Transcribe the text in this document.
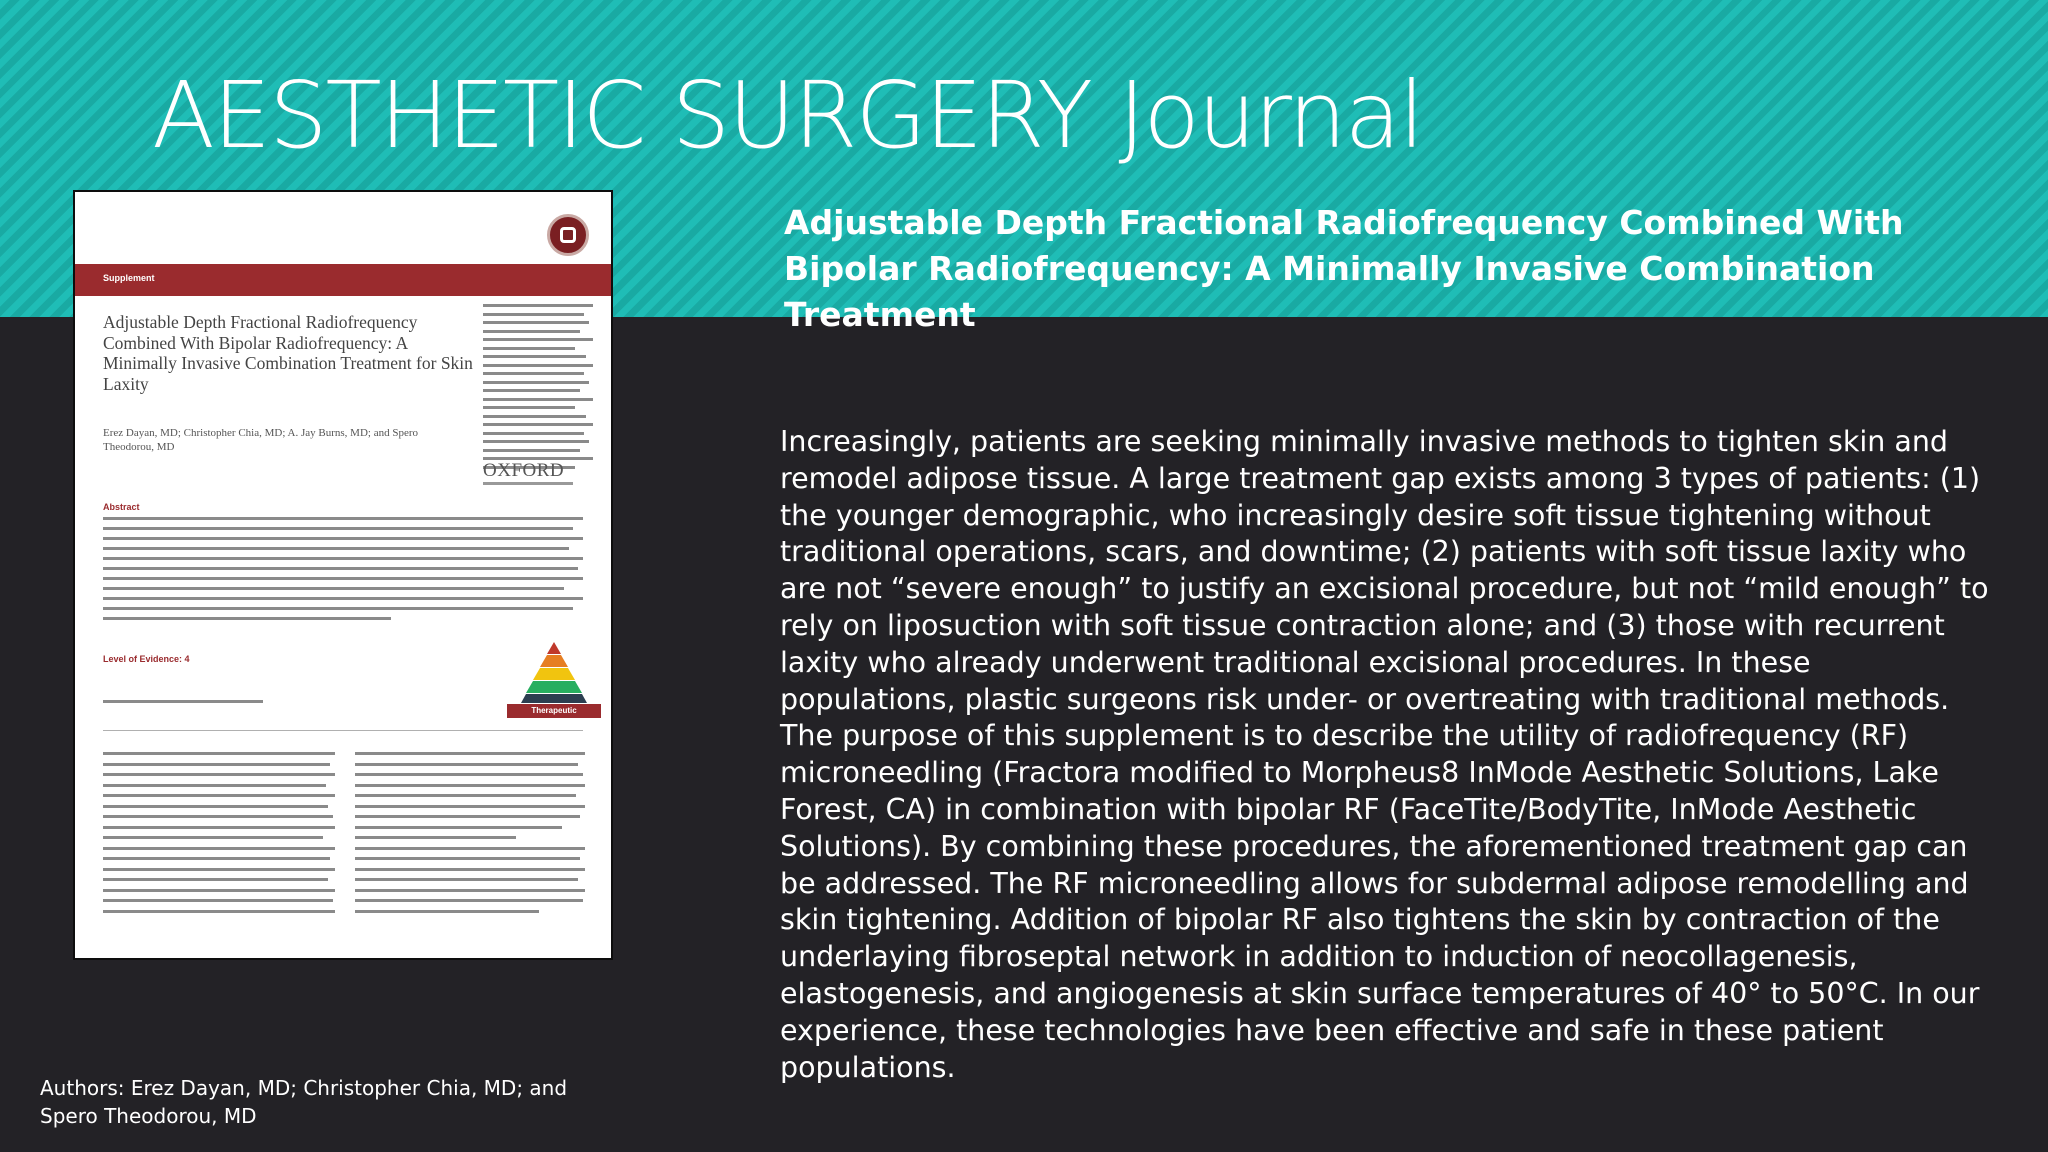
AESTHETIC SURGERY Journal
Adjustable Depth Fractional Radiofrequency Combined With Bipolar Radiofrequency: A Minimally Invasive Combination Treatment
Supplement
Adjustable Depth Fractional Radiofrequency Combined With Bipolar Radiofrequency: A Minimally Invasive Combination Treatment for Skin Laxity
Erez Dayan, MD; Christopher Chia, MD; A. Jay Burns, MD; and Spero Theodorou, MD
OXFORD
Abstract
Level of Evidence: 4
Therapeutic
Increasingly, patients are seeking minimally invasive methods to tighten skin and remodel adipose tissue. A large treatment gap exists among 3 types of patients: (1) the younger demographic, who increasingly desire soft tissue tightening without traditional operations, scars, and downtime; (2) patients with soft tissue laxity who are not “severe enough” to justify an excisional procedure, but not “mild enough” to rely on liposuction with soft tissue contraction alone; and (3) those with recurrent laxity who already underwent traditional excisional procedures. In these populations, plastic surgeons risk under- or overtreating with traditional methods. The purpose of this supplement is to describe the utility of radiofrequency (RF) microneedling (Fractora modified to Morpheus8 InMode Aesthetic Solutions, Lake Forest, CA) in combination with bipolar RF (FaceTite/BodyTite, InMode Aesthetic Solutions). By combining these procedures, the aforementioned treatment gap can be addressed. The RF microneedling allows for subdermal adipose remodelling and skin tightening. Addition of bipolar RF also tightens the skin by contraction of the underlaying fibroseptal network in addition to induction of neocollagenesis, elastogenesis, and angiogenesis at skin surface temperatures of 40° to 50°C. In our experience, these technologies have been effective and safe in these patient populations.
Authors: Erez Dayan, MD; Christopher Chia, MD; and Spero Theodorou, MD
